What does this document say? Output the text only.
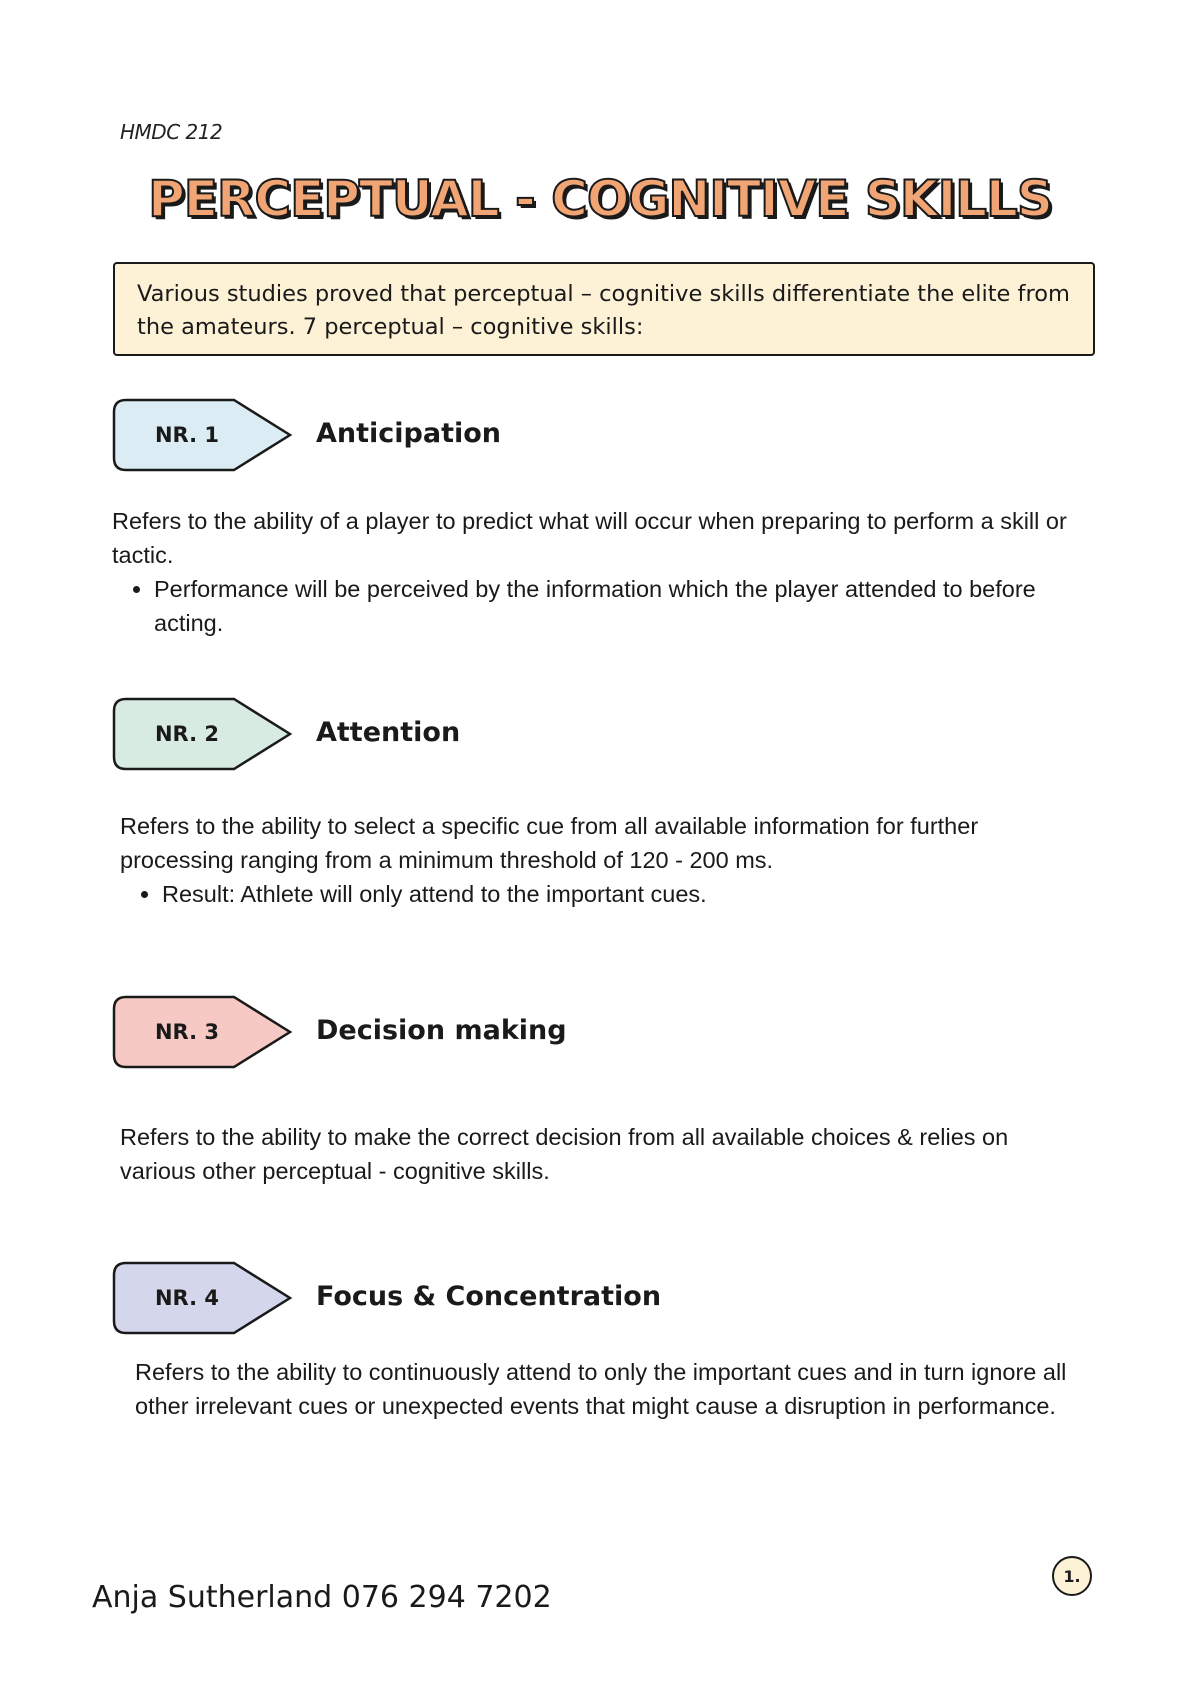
HMDC 212
PERCEPTUAL - COGNITIVE SKILLS
Various studies proved that perceptual – cognitive skills differentiate the elite from the amateurs. 7 perceptual – cognitive skills:
NR. 1	Anticipation
Refers to the ability of a player to predict what will occur when preparing to perform a skill or tactic.
• Performance will be perceived by the information which the player attended to before acting.
NR. 2	Attention
Refers to the ability to select a specific cue from all available information for further processing ranging from a minimum threshold of 120 - 200 ms.
• Result: Athlete will only attend to the important cues.
NR. 3	Decision making
Refers to the ability to make the correct decision from all available choices & relies on various other perceptual - cognitive skills.
NR. 4	Focus & Concentration
Refers to the ability to continuously attend to only the important cues and in turn ignore all other irrelevant cues or unexpected events that might cause a disruption in performance.
1.
Anja Sutherland 076 294 7202
